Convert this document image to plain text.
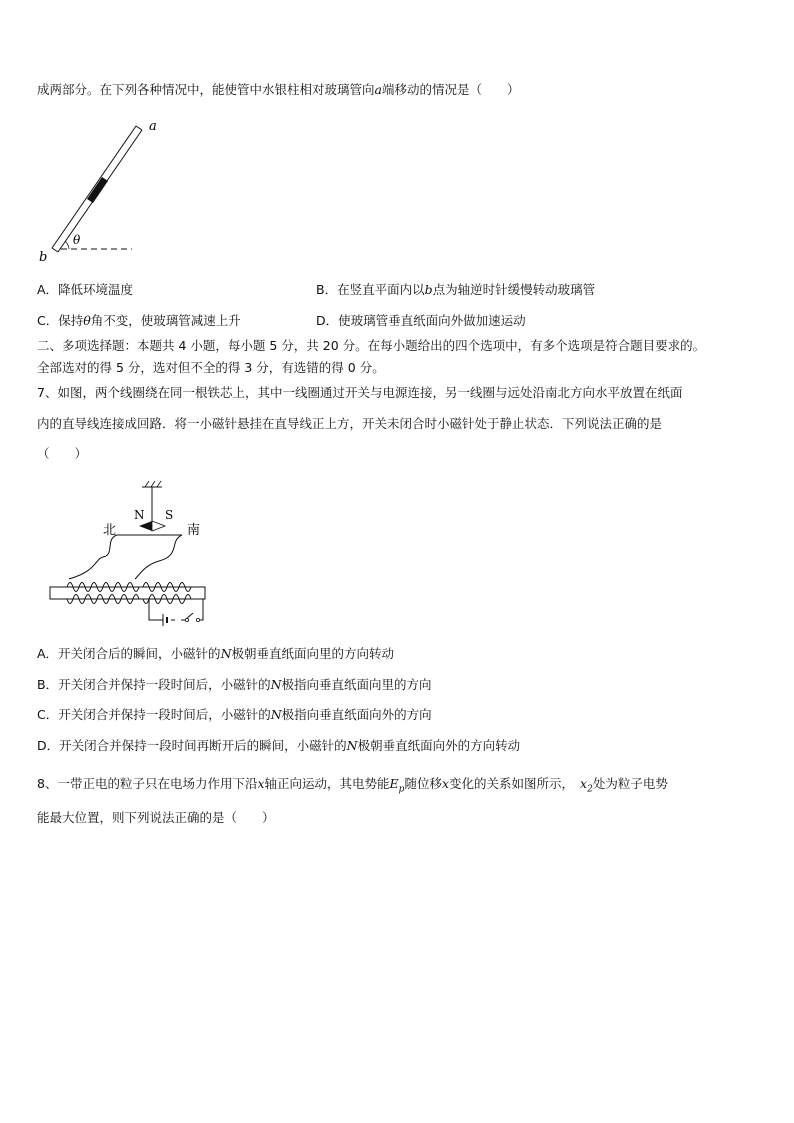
成两部分。在下列各种情况中，能使管中水银柱相对玻璃管向a端移动的情况是（　　）
a
b
θ
A．降低环境温度	B．在竖直平面内以b点为轴逆时针缓慢转动玻璃管
C．保持θ角不变，使玻璃管减速上升	D．使玻璃管垂直纸面向外做加速运动
二、多项选择题：本题共 4 小题，每小题 5 分，共 20 分。在每小题给出的四个选项中，有多个选项是符合题目要求的。
全部选对的得 5 分，选对但不全的得 3 分，有选错的得 0 分。
7、如图，两个线圈绕在同一根铁芯上，其中一线圈通过开关与电源连接，另一线圈与远处沿南北方向水平放置在纸面
内的直导线连接成回路．将一小磁针悬挂在直导线正上方，开关未闭合时小磁针处于静止状态．下列说法正确的是
（　　）
N S
北	南
A．开关闭合后的瞬间，小磁针的N极朝垂直纸面向里的方向转动
B．开关闭合并保持一段时间后，小磁针的N极指向垂直纸面向里的方向
C．开关闭合并保持一段时间后，小磁针的N极指向垂直纸面向外的方向
D．开关闭合并保持一段时间再断开后的瞬间，小磁针的N极朝垂直纸面向外的方向转动
8、一带正电的粒子只在电场力作用下沿x轴正向运动，其电势能$E_p$随位移x变化的关系如图所示， $x_2$处为粒子电势
能最大位置，则下列说法正确的是（　　）
